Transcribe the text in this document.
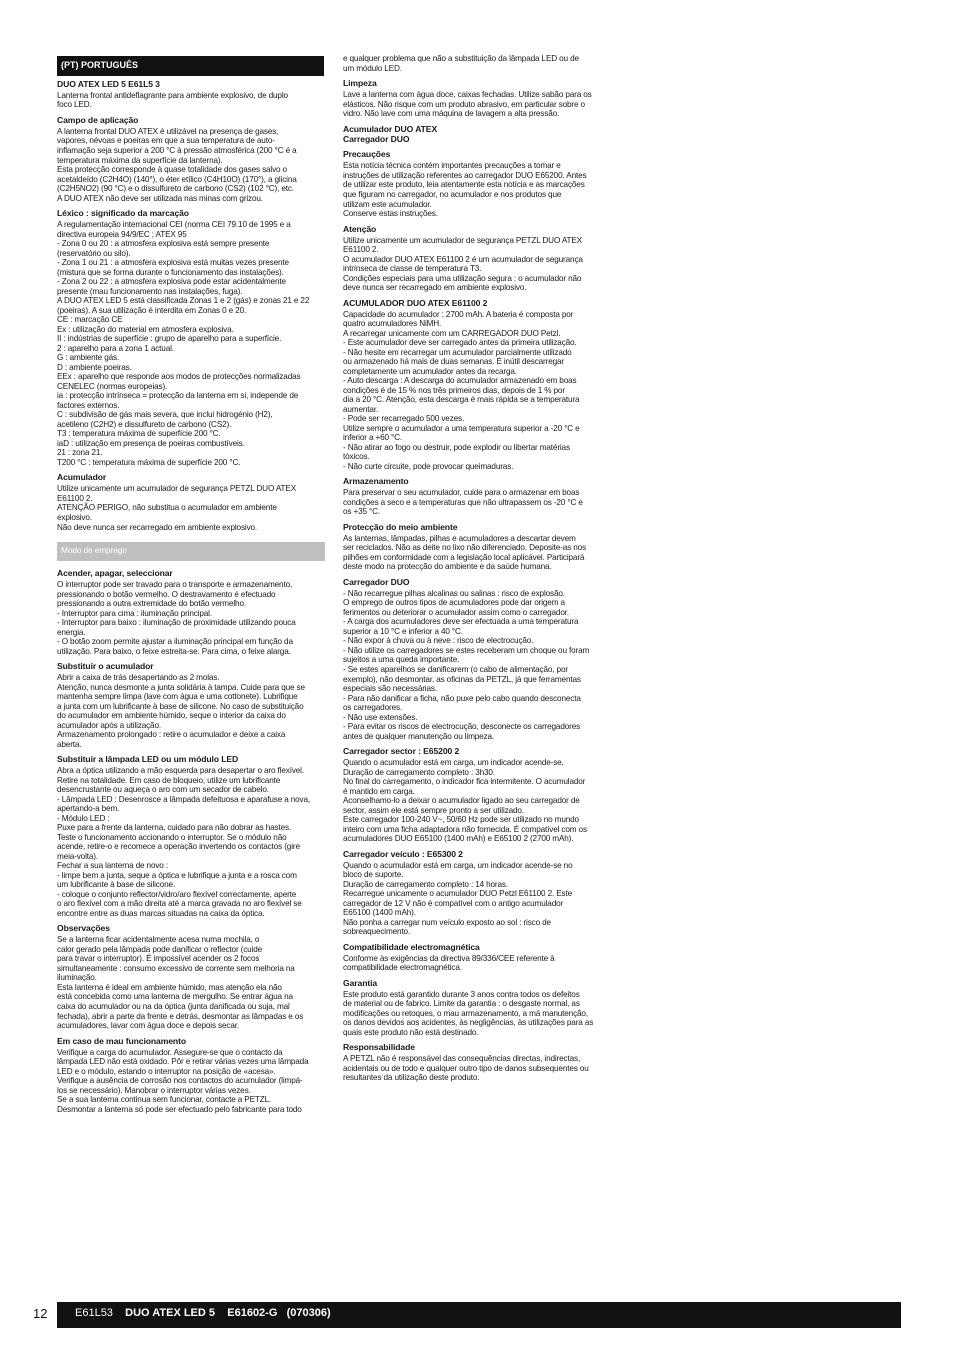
(PT) PORTUGUÊS
DUO ATEX LED 5 E61L5 3
Lanterna frontal antideflagrante para ambiente explosivo, de duplo
foco LED.
Campo de aplicação
A lanterna frontal DUO ATEX é utilizável na presença de gases,
vapores, névoas e poeiras em que a sua temperatura de auto-
inflamação seja superior a 200 °C à pressão atmosférica (200 °C é a
temperatura máxima da superfície da lanterna).
Esta protecção corresponde à quase totalidade dos gases salvo o
acetaldeído (C2H4O) (140°), o éter etílico (C4H10O) (170°), a glicina
(C2H5NO2) (90 °C) e o dissulfureto de carbono (CS2) (102 °C), etc.
A DUO ATEX não deve ser utilizada nas minas com grizou.
Léxico : significado da marcação
A regulamentação internacional CEI (norma CEI 79.10 de 1995 e a
directiva europeia 94/9/EC ; ATEX 95
- Zona 0 ou 20 : a atmosfera explosiva está sempre presente
(reservatório ou silo).
- Zona 1 ou 21 : a atmosfera explosiva está muitas vezes presente
(mistura que se forma durante o funcionamento das instalações).
- Zona 2 ou 22 : a atmosfera explosiva pode estar acidentalmente
presente (mau funcionamento nas instalações, fuga).
A DUO ATEX LED 5 está classificada Zonas 1 e 2 (gás) e zonas 21 e 22
(poeiras). A sua utilização é interdita em Zonas 0 e 20.
CE : marcação CE
Ex : utilização do material em atmosfera explosiva.
II : indústrias de superfície : grupo de aparelho para a superfície.
2 : aparelho para a zona 1 actual.
G : ambiente gás.
D : ambiente poeiras.
EEx : aparelho que responde aos modos de protecções normalizadas
CENELEC (normas europeias).
ia : protecção intrínseca = protecção da lanterna em si, independe de
factores externos.
C : subdivisão de gás mais severa, que inclui hidrogénio (H2),
acetileno (C2H2) e dissulfureto de carbono (CS2).
T3 : temperatura máxima de superfície 200 °C.
iaD : utilização em presença de poeiras combustíveis.
21 : zona 21.
T200 °C : temperatura máxima de superfície 200 °C.
Acumulador
Utilize unicamente um acumulador de segurança PETZL DUO ATEX
E61100 2.
ATENÇÃO PERIGO, não substitua o acumulador em ambiente
explosivo.
Não deve nunca ser recarregado em ambiente explosivo.
Modo de emprego
Acender, apagar, seleccionar
O interruptor pode ser travado para o transporte e armazenamento,
pressionando o botão vermelho. O destravamento é efectuado
pressionando a outra extremidade do botão vermelho.
- Interruptor para cima : iluminação principal.
- Interruptor para baixo : iluminação de proximidade utilizando pouca
energia.
- O botão zoom permite ajustar a iluminação principal em função da
utilização. Para baixo, o feixe estreita-se. Para cima, o feixe alarga.
Substituir o acumulador
Abrir a caixa de trás desapertando as 2 molas.
Atenção, nunca desmonte a junta solidária à tampa. Cuide para que se
mantenha sempre limpa (lave com água e uma cottonete). Lubrifique
a junta com um lubrificante à base de silicone. No caso de substituição
do acumulador em ambiente húmido, seque o interior da caixa do
acumulador após a utilização.
Armazenamento prolongado : retire o acumulador e deixe a caixa
aberta.
Substituir a lâmpada LED ou um módulo LED
Abra a óptica utilizando a mão esquerda para desapertar o aro flexível.
Retire na totalidade. Em caso de bloqueio, utilize um lubrificante
desencrustante ou aqueça o aro com um secador de cabelo.
- Lâmpada LED : Desenrosce a lâmpada defeituosa e aparafuse a nova,
apertando-a bem.
- Módulo LED :
Puxe para a frente da lanterna, cuidado para não dobrar as hastes.
Teste o funcionamento accionando o interruptor. Se o módulo não
acende, retire-o e recomece a operação invertendo os contactos (gire
meia-volta).
Fechar a sua lanterna de novo :
- limpe bem a junta, seque a óptica e lubrifique a junta e a rosca com
um lubrificante à base de silicone.
- coloque o conjunto reflector/vidro/aro flexível correctamente, aperte
o aro flexível com a mão direita até a marca gravada no aro flexível se
encontre entre as duas marcas situadas na caixa da óptica.
Observações
Se a lanterna ficar acidentalmente acesa numa mochila, o
calor gerado pela lâmpada pode danificar o reflector (cuide
para travar o interruptor). É impossível acender os 2 focos
simultaneamente : consumo excessivo de corrente sem melhoria na
iluminação.
Esta lanterna é ideal em ambiente húmido, mas atenção ela não
está concebida como uma lanterna de mergulho. Se entrar água na
caixa do acumulador ou na da óptica (junta danificada ou suja, mal
fechada), abrir a parte da frente e detrás, desmontar as lâmpadas e os
acumuladores, lavar com água doce e depois secar.
Em caso de mau funcionamento
Verifique a carga do acumulador. Assegure-se que o contacto da
lâmpada LED não está oxidado. Pôr e retirar várias vezes uma lâmpada
LED e o módulo, estando o interruptor na posição de «acesa».
Verifique a ausência de corrosão nos contactos do acumulador (limpá-
los se necessário). Manobrar o interruptor várias vezes.
Se a sua lanterna continua sem funcionar, contacte a PETZL.
Desmontar a lanterna só pode ser efectuado pelo fabricante para todo
e qualquer problema que não a substituição da lâmpada LED ou de
um módulo LED.
Limpeza
Lave a lanterna com água doce, caixas fechadas. Utilize sabão para os
elásticos. Não risque com um produto abrasivo, em particular sobre o
vidro. Não lave com uma máquina de lavagem a alta pressão.
Acumulador DUO ATEX
Carregador DUO
Precauções
Esta notícia técnica contém importantes precauções a tomar e
instruções de utilização referentes ao carregador DUO E65200. Antes
de utilizar este produto, leia atentamente esta notícia e as marcações
que figuram no carregador, no acumulador e nos produtos que
utilizam este acumulador.
Conserve estas instruções.
Atenção
Utilize unicamente um acumulador de segurança PETZL DUO ATEX
E61100 2.
O acumulador DUO ATEX E61100 2 é um acumulador de segurança
intrínseca de classe de temperatura T3.
Condições especiais para uma utilização segura : o acumulador não
deve nunca ser recarregado em ambiente explosivo.
ACUMULADOR DUO ATEX E61100 2
Capacidade do acumulador : 2700 mAh. A bateria é composta por
quatro acumuladores NiMH.
A recarregar unicamente com um CARREGADOR DUO Petzl.
- Este acumulador deve ser carregado antes da primeira utilização.
- Não hesite em recarregar um acumulador parcialmente utilizado
ou armazenado há mais de duas semanas. É inútil descarregar
completamente um acumulador antes da recarga.
- Auto descarga : A descarga do acumulador armazenado em boas
condições é de 15 % nos três primeiros dias, depois de 1 % por
dia a 20 °C. Atenção, esta descarga é mais rápida se a temperatura
aumentar.
- Pode ser recarregado 500 vezes.
Utilize sempre o acumulador a uma temperatura superior a -20 °C e
inferior a +60 °C.
- Não atirar ao fogo ou destruir, pode explodir ou libertar matérias
tóxicos.
- Não curte circuite, pode provocar queimaduras.
Armazenamento
Para preservar o seu acumulador, cuide para o armazenar em boas
condições a seco e a temperaturas que não ultrapassem os -20 °C e
os +35 °C.
Protecção do meio ambiente
As lanternas, lâmpadas, pilhas e acumuladores a descartar devem
ser reciclados. Não as deite no lixo não diferenciado. Deposite-as nos
pilhões em conformidade com a legislação local aplicável. Participará
deste modo na protecção do ambiente e da saúde humana.
Carregador DUO
- Não recarregue pilhas alcalinas ou salinas : risco de explosão.
O emprego de outros tipos de acumuladores pode dar origem a
ferimentos ou deteriorar o acumulador assim como o carregador.
- A carga dos acumuladores deve ser efectuada a uma temperatura
superior a 10 °C e inferior a 40 °C.
- Não expor à chuva ou à neve : risco de electrocução.
- Não utilize os carregadores se estes receberam um choque ou foram
sujeitos a uma queda importante.
- Se estes aparelhos se danificarem (o cabo de alimentação, por
exemplo), não desmontar. as oficinas da PETZL, já que ferramentas
especiais são necessárias.
- Para não danificar a ficha, não puxe pelo cabo quando desconecta
os carregadores.
- Não use extensões.
- Para evitar os riscos de electrocução, desconecte os carregadores
antes de qualquer manutenção ou limpeza.
Carregador sector : E65200 2
Quando o acumulador está em carga, um indicador acende-se.
Duração de carregamento completo : 3h30.
No final do carregamento, o indicador fica intermitente. O acumulador
é mantido em carga.
Aconselhamo-lo a deixar o acumulador ligado ao seu carregador de
sector, assim ele está sempre pronto a ser utilizado.
Este carregador 100-240 V~, 50/60 Hz pode ser utilizado no mundo
inteiro com uma ficha adaptadora não fornecida. É compatível com os
acumuladores DUO E65100 (1400 mAh) e E65100 2 (2700 mAh).
Carregador veículo : E65300 2
Quando o acumulador está em carga, um indicador acende-se no
bloco de suporte.
Duração de carregamento completo : 14 horas.
Recarregue unicamente o acumulador DUO Petzl E61100 2. Este
carregador de 12 V não é compatível com o antigo acumulador
E65100 (1400 mAh).
Não ponha a carregar num veículo exposto ao sol : risco de
sobreaquecimento.
Compatibilidade electromagnética
Conforme às exigências da directiva 89/336/CEE referente à
compatibilidade electromagnética.
Garantia
Este produto está garantido durante 3 anos contra todos os defeitos
de material ou de fabrico. Limite da garantia : o desgaste normal, as
modificações ou retoques, o mau armazenamento, a má manutenção,
os danos devidos aos acidentes, às negligências, às utilizações para as
quais este produto não está destinado.
Responsabilidade
A PETZL não é responsável das consequências directas, indirectas,
acidentais ou de todo e qualquer outro tipo de danos subsequentes ou
resultantes da utilização deste produto.
12	E61L53 DUO ATEX LED 5 E61602-G (070306)
